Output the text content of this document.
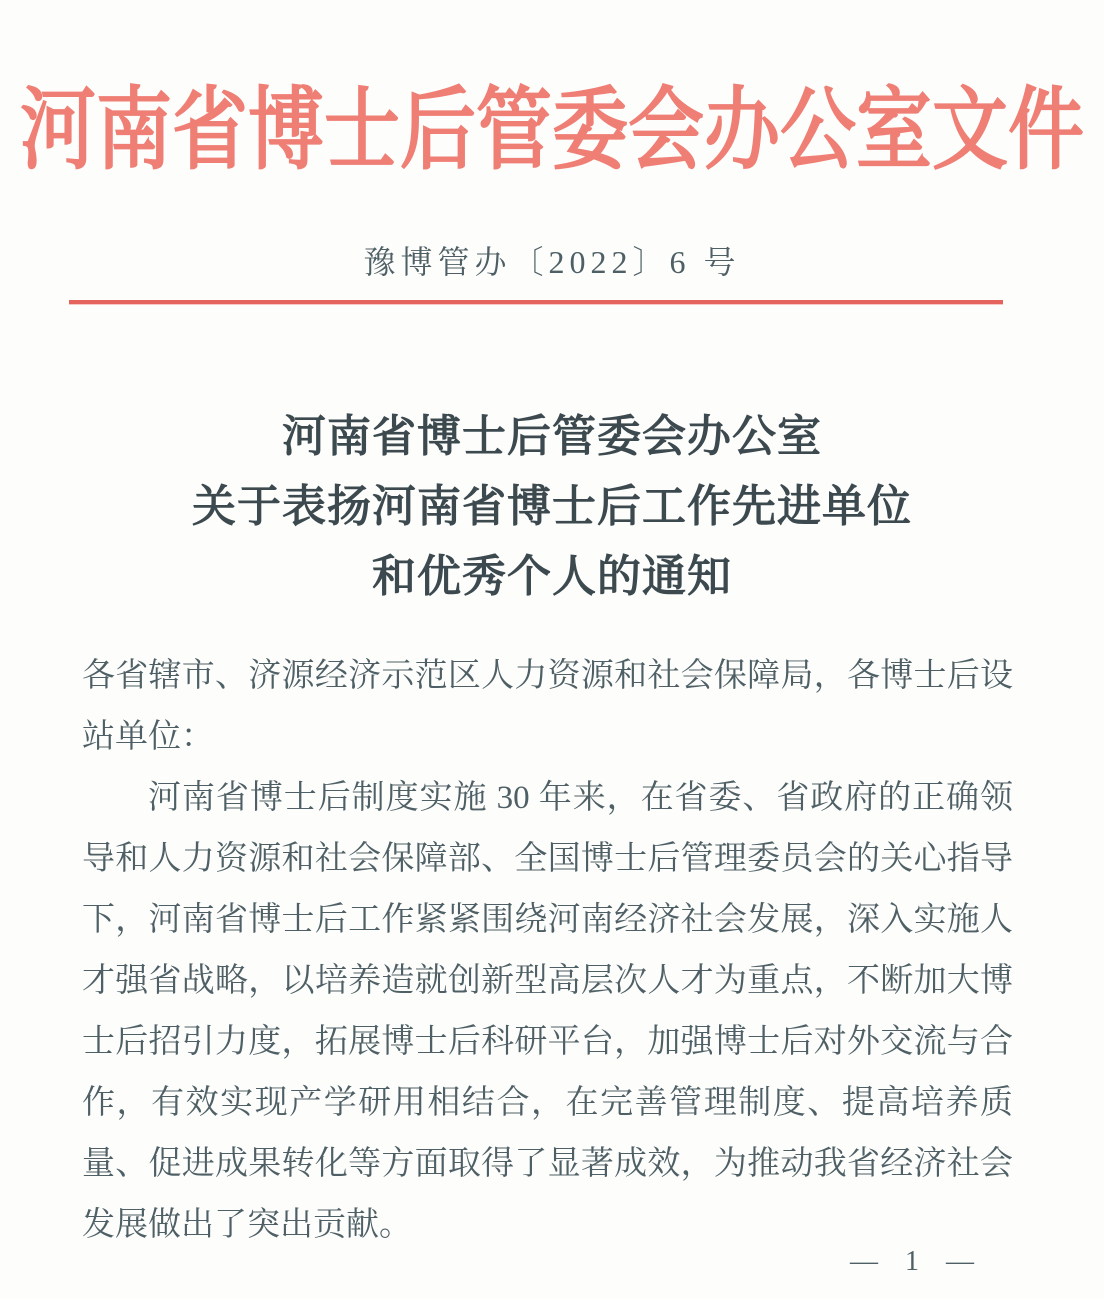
河南省博士后管委会办公室文件
豫博管办〔2022〕6 号
河南省博士后管委会办公室
关于表扬河南省博士后工作先进单位
和优秀个人的通知
各省辖市、济源经济示范区人力资源和社会保障局，各博士后设
站单位：
河南省博士后制度实施 30 年来，在省委、省政府的正确领
导和人力资源和社会保障部、全国博士后管理委员会的关心指导
下，河南省博士后工作紧紧围绕河南经济社会发展，深入实施人
才强省战略，以培养造就创新型高层次人才为重点，不断加大博
士后招引力度，拓展博士后科研平台，加强博士后对外交流与合
作，有效实现产学研用相结合，在完善管理制度、提高培养质
量、促进成果转化等方面取得了显著成效，为推动我省经济社会
发展做出了突出贡献。
— 1 —
